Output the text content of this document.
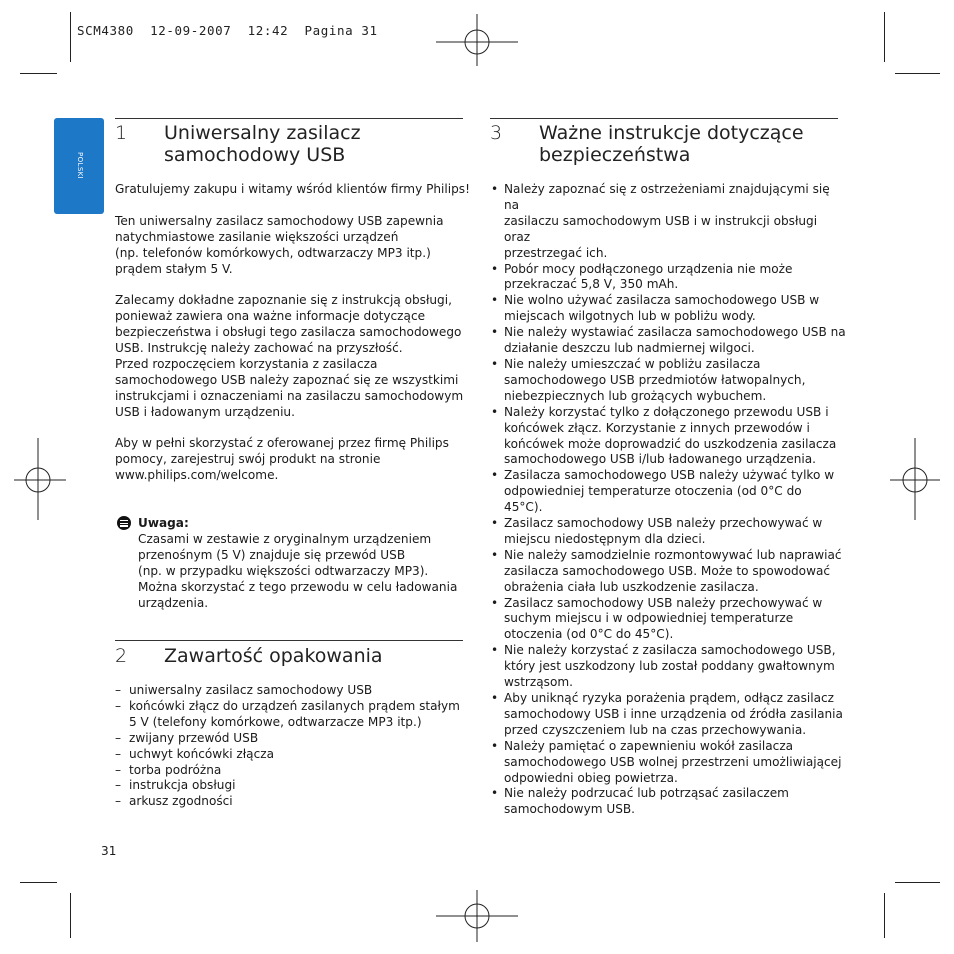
SCM4380  12-09-2007  12:42  Pagina 31
POLSKI
1 Uniwersalny zasilacz
samochodowy USB
Gratulujemy zakupu i witamy wśród klientów firmy Philips!
Ten uniwersalny zasilacz samochodowy USB zapewnia
natychmiastowe zasilanie większości urządzeń
(np. telefonów komórkowych, odtwarzaczy MP3 itp.)
prądem stałym 5 V.
Zalecamy dokładne zapoznanie się z instrukcją obsługi,
ponieważ zawiera ona ważne informacje dotyczące
bezpieczeństwa i obsługi tego zasilacza samochodowego
USB. Instrukcję należy zachować na przyszłość.
Przed rozpoczęciem korzystania z zasilacza
samochodowego USB należy zapoznać się ze wszystkimi
instrukcjami i oznaczeniami na zasilaczu samochodowym
USB i ładowanym urządzeniu.
Aby w pełni skorzystać z oferowanej przez firmę Philips
pomocy, zarejestruj swój produkt na stronie
www.philips.com/welcome.
Uwaga:
Czasami w zestawie z oryginalnym urządzeniem
przenośnym (5 V) znajduje się przewód USB
(np. w przypadku większości odtwarzaczy MP3).
Można skorzystać z tego przewodu w celu ładowania
urządzenia.
2 Zawartość opakowania
– uniwersalny zasilacz samochodowy USB
– końcówki złącz do urządzeń zasilanych prądem stałym
5 V (telefony komórkowe, odtwarzacze MP3 itp.)
– zwijany przewód USB
– uchwyt końcówki złącza
– torba podróżna
– instrukcja obsługi
– arkusz zgodności
3 Ważne instrukcje dotyczące
bezpieczeństwa
• Należy zapoznać się z ostrzeżeniami znajdującymi się na
zasilaczu samochodowym USB i w instrukcji obsługi oraz
przestrzegać ich.
• Pobór mocy podłączonego urządzenia nie może
przekraczać 5,8 V, 350 mAh.
• Nie wolno używać zasilacza samochodowego USB w
miejscach wilgotnych lub w pobliżu wody.
• Nie należy wystawiać zasilacza samochodowego USB na
działanie deszczu lub nadmiernej wilgoci.
• Nie należy umieszczać w pobliżu zasilacza
samochodowego USB przedmiotów łatwopalnych,
niebezpiecznych lub grożących wybuchem.
• Należy korzystać tylko z dołączonego przewodu USB i
końcówek złącz. Korzystanie z innych przewodów i
końcówek może doprowadzić do uszkodzenia zasilacza
samochodowego USB i/lub ładowanego urządzenia.
• Zasilacza samochodowego USB należy używać tylko w
odpowiedniej temperaturze otoczenia (od 0°C do
45°C).
• Zasilacz samochodowy USB należy przechowywać w
miejscu niedostępnym dla dzieci.
• Nie należy samodzielnie rozmontowywać lub naprawiać
zasilacza samochodowego USB. Może to spowodować
obrażenia ciała lub uszkodzenie zasilacza.
• Zasilacz samochodowy USB należy przechowywać w
suchym miejscu i w odpowiedniej temperaturze
otoczenia (od 0°C do 45°C).
• Nie należy korzystać z zasilacza samochodowego USB,
który jest uszkodzony lub został poddany gwałtownym
wstrząsom.
• Aby uniknąć ryzyka porażenia prądem, odłącz zasilacz
samochodowy USB i inne urządzenia od źródła zasilania
przed czyszczeniem lub na czas przechowywania.
• Należy pamiętać o zapewnieniu wokół zasilacza
samochodowego USB wolnej przestrzeni umożliwiającej
odpowiedni obieg powietrza.
• Nie należy podrzucać lub potrząsać zasilaczem
samochodowym USB.
31
